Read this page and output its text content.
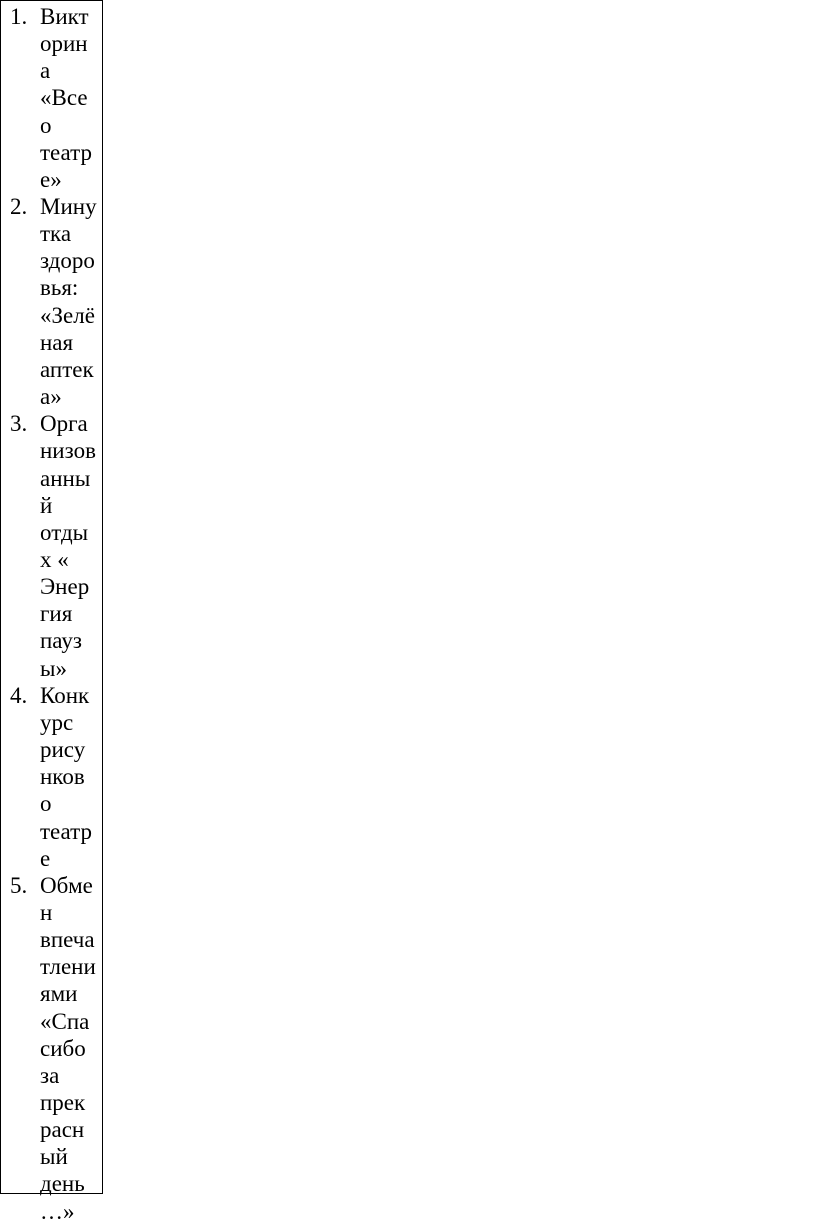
1. Викт
орин
а
«Все
о
театр
е»
2. Мину
тка
здоро
вья:
«Зелё
ная
аптек
а»
3. Орга
низов
анны
й
отды
х «
Энер
гия
пауз
ы»
4. Конк
урс
рису
нков
о
театр
е
5. Обме
н
впеча
тлени
ями
«Спа
сибо
за
прек
расн
ый
день
…»
